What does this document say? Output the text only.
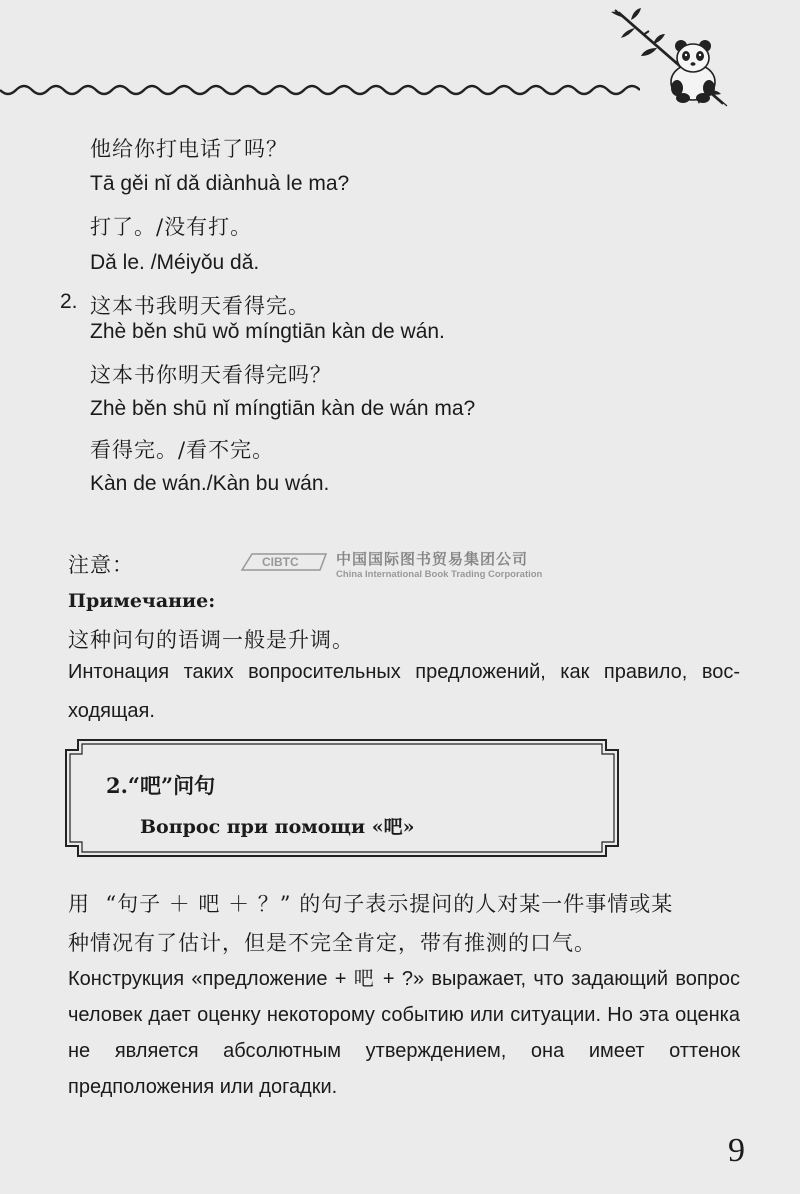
他给你打电话了吗？
Tā gěi nǐ dǎ diànhuà le ma?
打了。/没有打。
Dǎ le. /Méiyǒu dǎ.
2. 这本书我明天看得完。
Zhè běn shū wǒ míngtiān kàn de wán.
这本书你明天看得完吗？
Zhè běn shū nǐ míngtiān kàn de wán ma?
看得完。/看不完。
Kàn de wán./Kàn bu wán.
注意：
Примечание:
这种问句的语调一般是升调。
Интонация таких вопросительных предложений, как правило, вос-
ходящая.
CIBTC 中国国际图书贸易集团公司
China International Book Trading Corporation
2.“吧”问句
Вопрос при помощи «吧»
用  “句子 ＋ 吧 ＋ ？” 的句子表示提问的人对某一件事情或某
种情况有了估计，但是不完全肯定，带有推测的口气。
Конструкция «предложение + 吧 + ?» выражает, что задающий вопрос человек дает оценку некоторому событию или ситуации. Но эта оценка не является абсолютным утверждением, она имеет оттенок предположения или догадки.
9
